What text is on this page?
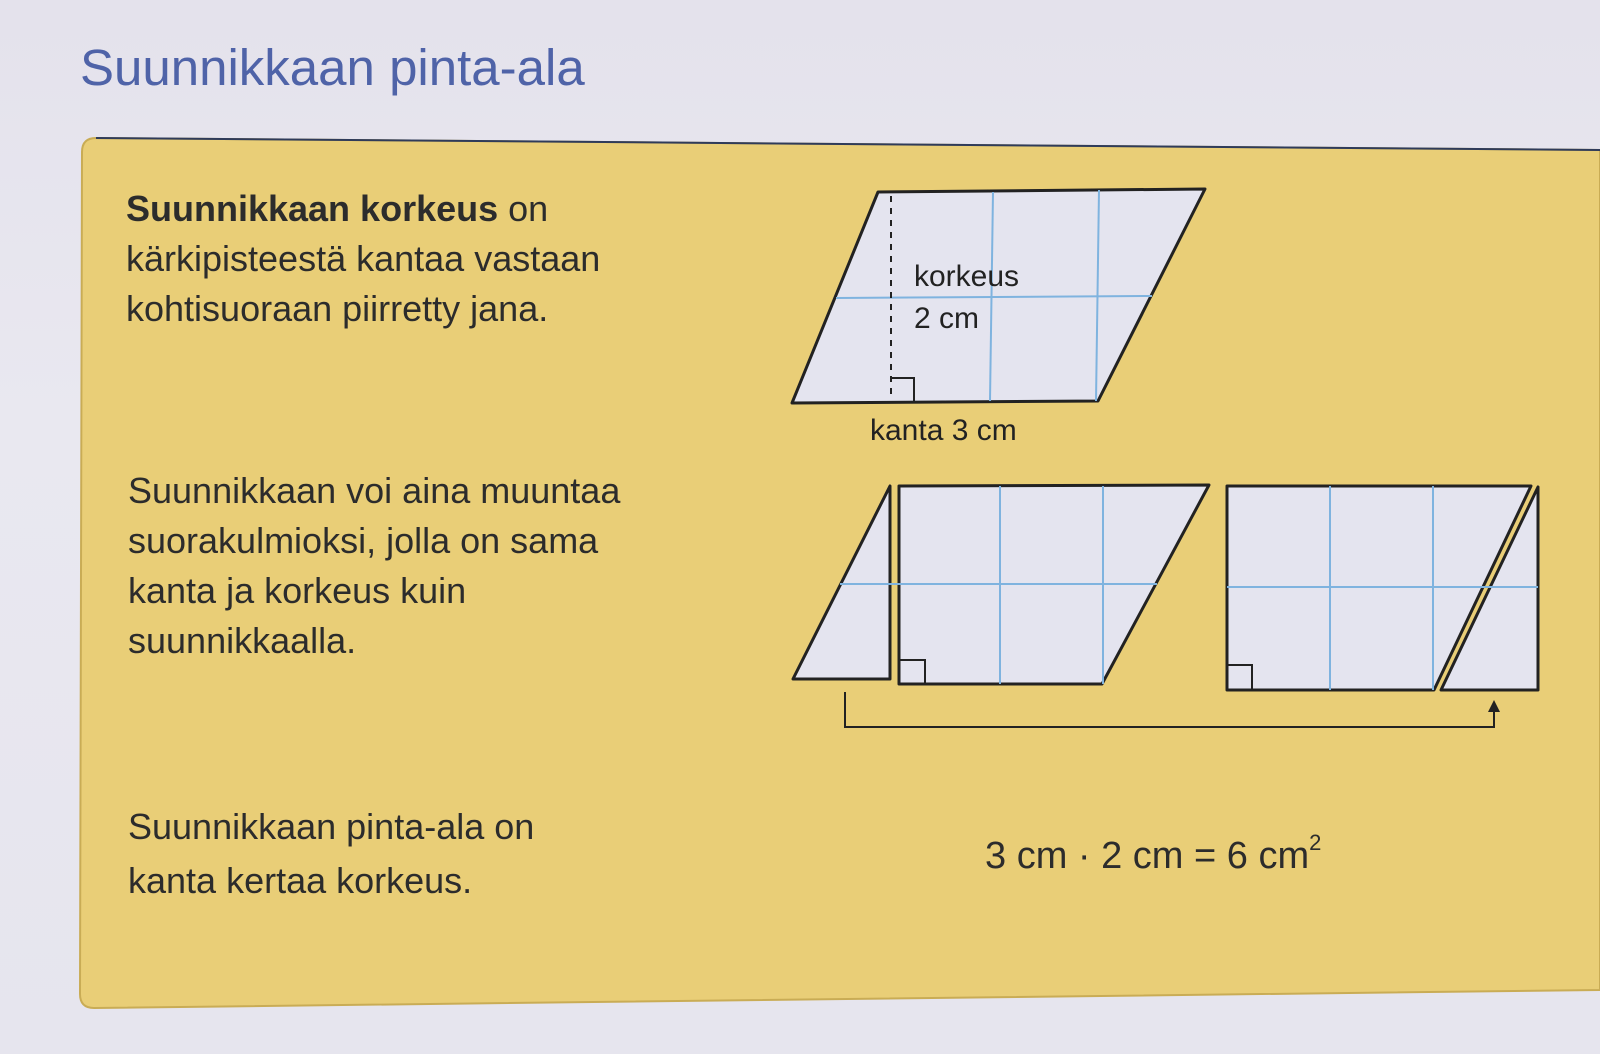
Suunnikkaan pinta-ala
Suunnikkaan korkeus on
kärkipisteestä kantaa vastaan
kohtisuoraan piirretty jana.
Suunnikkaan voi aina muuntaa
suorakulmioksi, jolla on sama
kanta ja korkeus kuin
suunnikkaalla.
Suunnikkaan pinta-ala on
kanta kertaa korkeus.
korkeus
2 cm
kanta 3 cm
3 cm · 2 cm = 6 $cm^2$
